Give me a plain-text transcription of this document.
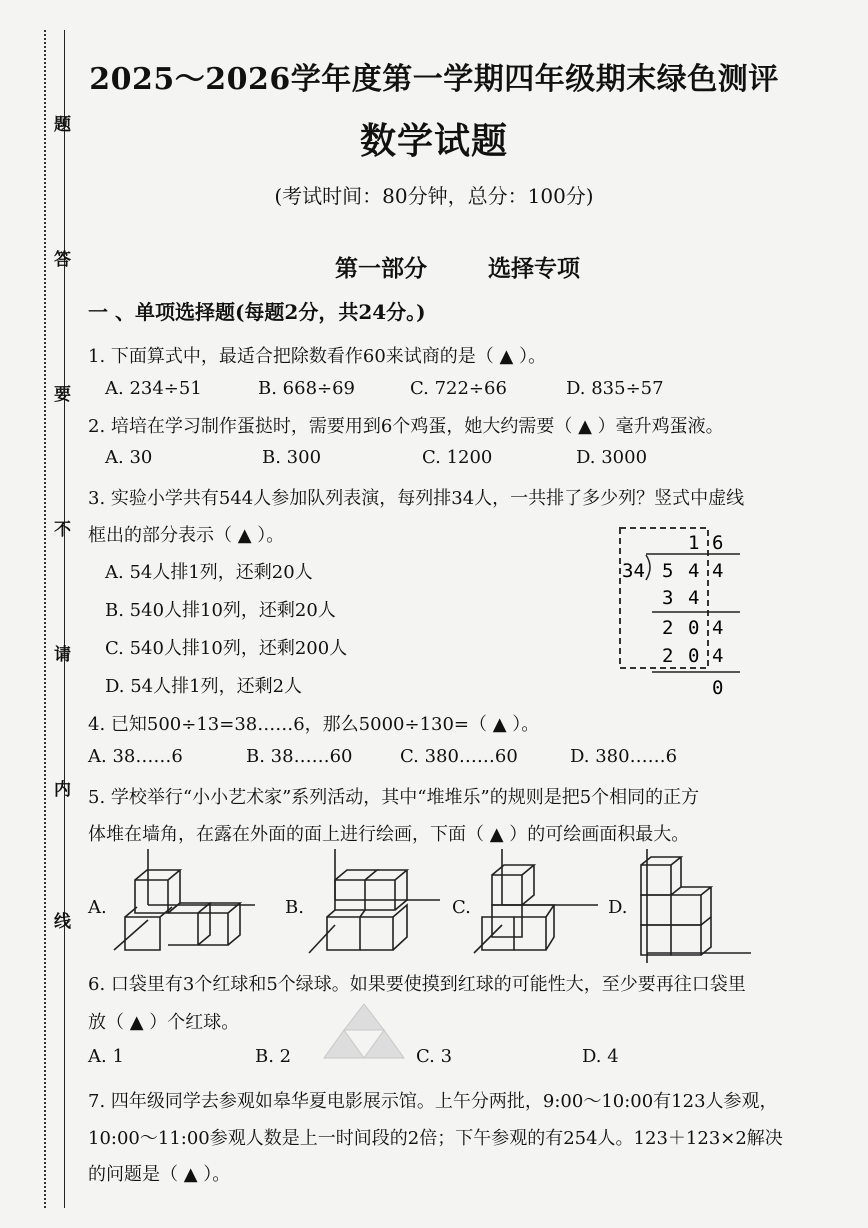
题
答
要
不
请
内
线
2025～2026学年度第一学期四年级期末绿色测评
数学试题
(考试时间：80分钟，总分：100分)
第一部分　 选择专项
一 、单项选择题(每题2分，共24分。)
1. 下面算式中，最适合把除数看作60来试商的是（ ▲ ）。
A. 234÷51	B. 668÷69	C. 722÷66	D. 835÷57
2. 培培在学习制作蛋挞时，需要用到6个鸡蛋，她大约需要（ ▲ ）毫升鸡蛋液。
A. 30	B. 300	C. 1200	D. 3000
3. 实验小学共有544人参加队列表演，每列排34人，一共排了多少列？竖式中虚线
框出的部分表示（ ▲ ）。
A. 54人排1列，还剩20人
B. 540人排10列，还剩20人
C. 540人排10列，还剩200人
D. 54人排1列，还剩2人
1 6
34 5 4 4
3 4
2 0 4
2 0 4
0
4. 已知500÷13=38……6，那么5000÷130=（ ▲ ）。
A. 38……6	B. 38……60	C. 380……60	D. 380……6
5. 学校举行“小小艺术家”系列活动，其中“堆堆乐”的规则是把5个相同的正方
体堆在墙角，在露在外面的面上进行绘画，下面（ ▲ ）的可绘画面积最大。
A.	B.	C.	D.
6. 口袋里有3个红球和5个绿球。如果要使摸到红球的可能性大，至少要再往口袋里
放（ ▲ ）个红球。
A. 1	B. 2	C. 3	D. 4
7. 四年级同学去参观如皋华夏电影展示馆。上午分两批，9:00～10:00有123人参观，
10:00～11:00参观人数是上一时间段的2倍；下午参观的有254人。123＋123×2解决
的问题是（ ▲ ）。
